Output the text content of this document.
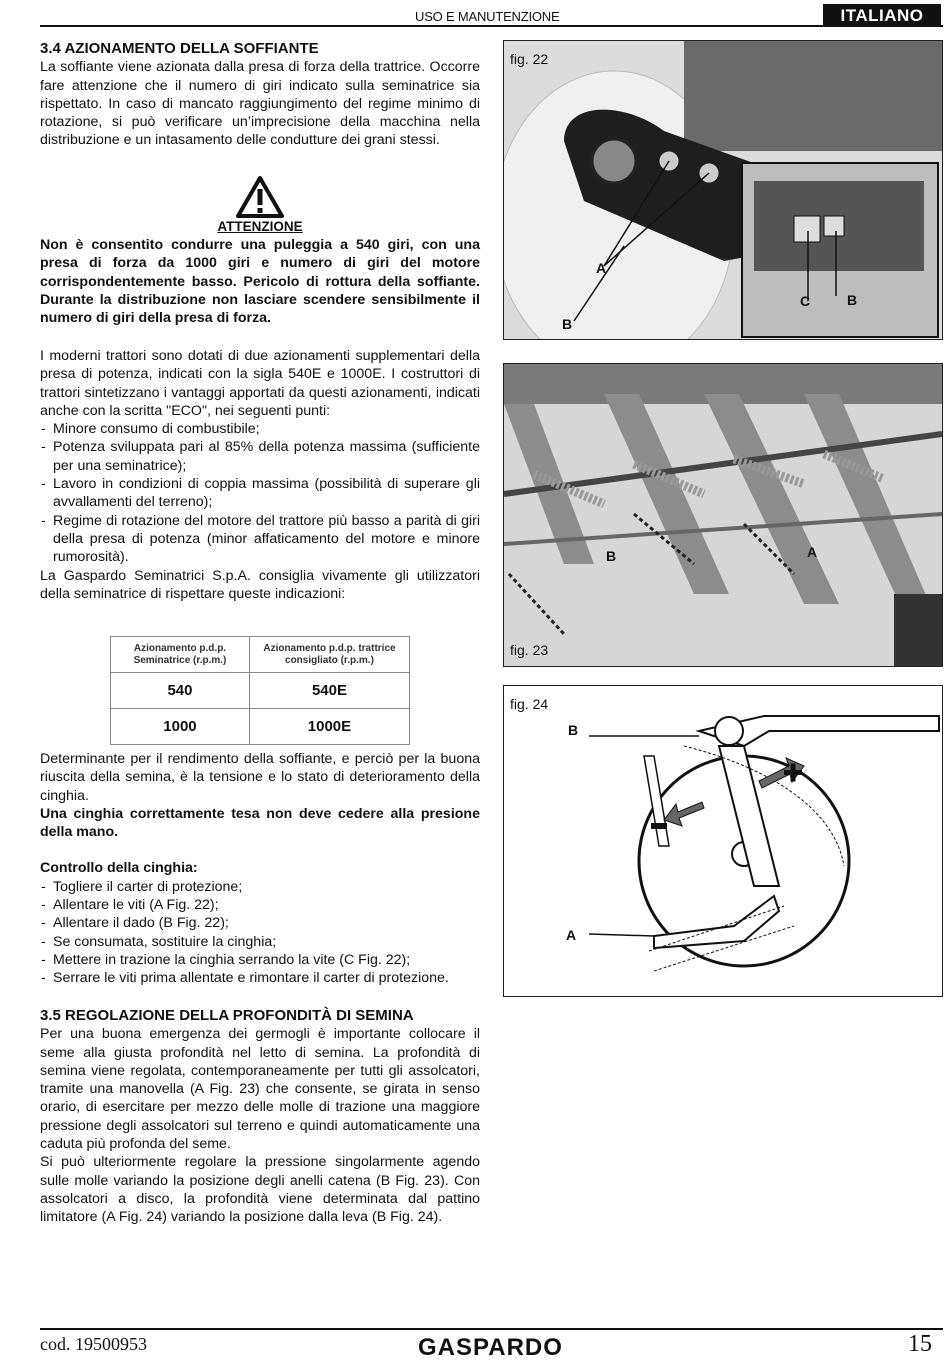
USO E MANUTENZIONE	ITALIANO
3.4 AZIONAMENTO DELLA SOFFIANTE

La soffiante viene azionata dalla presa di forza della trattrice. Occorre fare attenzione che il numero di giri indicato sulla seminatrice sia rispettato. In caso di mancato raggiungimento del regime minimo di rotazione, si può verificare un’imprecisione della macchina nella distribuzione e un intasamento delle condutture dei grani stessi.

ATTENZIONE
Non è consentito condurre una puleggia a 540 giri, con una presa di forza da 1000 giri e numero di giri del motore corrispondentemente basso. Pericolo di rottura della soffiante. Durante la distribuzione non lasciare scendere sensibilmente il numero di giri della presa di forza.

I moderni trattori sono dotati di due azionamenti supplementari della presa di potenza, indicati con la sigla 540E e 1000E. I costruttori di trattori sintetizzano i vantaggi apportati da questi azionamenti, indicati anche con la scritta "ECO", nei seguenti punti:

- Minore consumo di combustibile;
- Potenza sviluppata pari al 85% della potenza massima (sufficiente per una seminatrice);
- Lavoro in condizioni di coppia massima (possibilità di superare gli avvallamenti del terreno);
- Regime di rotazione del motore del trattore più basso a parità di giri della presa di potenza (minor affaticamento del motore e minore rumorosità).

La Gaspardo Seminatrici S.p.A. consiglia vivamente gli utilizzatori della seminatrice di rispettare queste indicazioni:

Azionamento p.d.p. Seminatrice (r.p.m.)	Azionamento p.d.p. trattrice consigliato (r.p.m.)
540	540E
1000	1000E

Determinante per il rendimento della soffiante, e perciò per la buona riuscita della semina, è la tensione e lo stato di deterioramento della cinghia.

Una cinghia correttamente tesa non deve cedere alla presione della mano.

Controllo della cinghia:

- Togliere il carter di protezione;
- Allentare le viti (A Fig. 22);
- Allentare il dado (B Fig. 22);
- Se consumata, sostituire la cinghia;
- Mettere in trazione la cinghia serrando la vite (C Fig. 22);
- Serrare le viti prima allentate e rimontare il carter di protezione.
3.5 REGOLAZIONE DELLA PROFONDITÀ DI SEMINA

Per una buona emergenza dei germogli è importante collocare il seme alla giusta profondità nel letto di semina. La profondità di semina viene regolata, contemporaneamente per tutti gli assolcatori, tramite una manovella (A Fig. 23) che consente, se girata in senso orario, di esercitare per mezzo delle molle di trazione una maggiore pressione degli assolcatori sul terreno e quindi automaticamente una caduta più profonda del seme.

Si può ulteriormente regolare la pressione singolarmente agendo sulle molle variando la posizione degli anelli catena (B Fig. 23). Con assolcatori a disco, la profondità viene determinata dal pattino limitatore (A Fig. 24) variando la posizione dalla leva (B Fig. 24).

fig. 22
A
B
C	B
fig. 23
B	A
fig. 24
B
A
cod. 19500953	GASPARDO	15
